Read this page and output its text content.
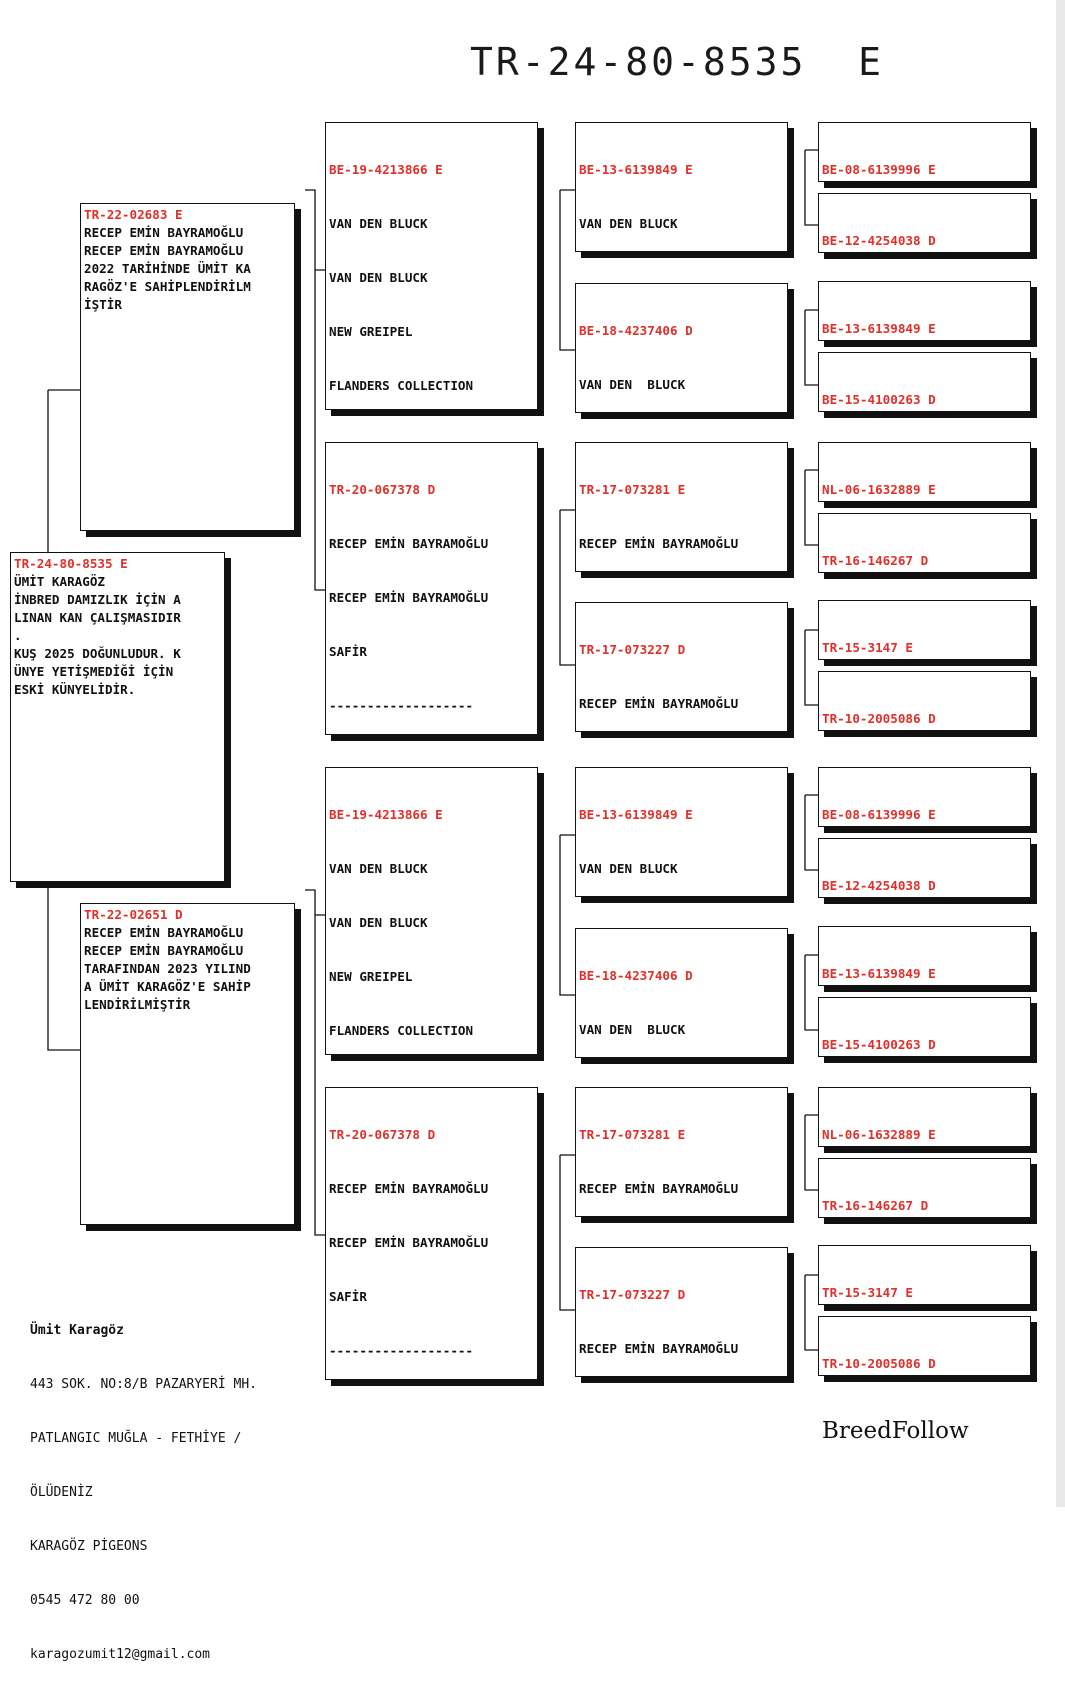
TR-24-80-8535  E
TR-24-80-8535 E
ÜMİT KARAGÖZ
İNBRED DAMIZLIK İÇİN A
LINAN KAN ÇALIŞMASIDIR
.
KUŞ 2025 DOĞUNLUDUR. K
ÜNYE YETİŞMEDİĞİ İÇİN
ESKİ KÜNYELİDİR.
TR-22-02683 E
RECEP EMİN BAYRAMOĞLU
RECEP EMİN BAYRAMOĞLU
2022 TARİHİNDE ÜMİT KA
RAGÖZ'E SAHİPLENDİRİLM
İŞTİR
TR-22-02651 D
RECEP EMİN BAYRAMOĞLU
RECEP EMİN BAYRAMOĞLU
TARAFINDAN 2023 YILIND
A ÜMİT KARAGÖZ'E SAHİP
LENDİRİLMİŞTİR

BE-19-4213866 E

VAN DEN BLUCK

VAN DEN BLUCK

NEW GREIPEL

FLANDERS COLLECTION

TR-20-067378 D

RECEP EMİN BAYRAMOĞLU

RECEP EMİN BAYRAMOĞLU

SAFİR

-------------------

BE-19-4213866 E

VAN DEN BLUCK

VAN DEN BLUCK

NEW GREIPEL

FLANDERS COLLECTION

TR-20-067378 D

RECEP EMİN BAYRAMOĞLU

RECEP EMİN BAYRAMOĞLU

SAFİR

-------------------

BE-13-6139849 E

VAN DEN BLUCK

BE-18-4237406 D

VAN DEN  BLUCK

TR-17-073281 E

RECEP EMİN BAYRAMOĞLU

TR-17-073227 D

RECEP EMİN BAYRAMOĞLU

BE-13-6139849 E

VAN DEN BLUCK

BE-18-4237406 D

VAN DEN  BLUCK

TR-17-073281 E

RECEP EMİN BAYRAMOĞLU

TR-17-073227 D

RECEP EMİN BAYRAMOĞLU

BE-08-6139996 E

BE-12-4254038 D

BE-13-6139849 E

BE-15-4100263 D

NL-06-1632889 E

TR-16-146267 D

TR-15-3147 E

TR-10-2005086 D

BE-08-6139996 E

BE-12-4254038 D

BE-13-6139849 E

BE-15-4100263 D

NL-06-1632889 E

TR-16-146267 D

TR-15-3147 E

TR-10-2005086 D

Ümit Karagöz

443 SOK. NO:8/B PAZARYERİ MH.

PATLANGIC MUĞLA - FETHİYE /

ÖLÜDENİZ

KARAGÖZ PİGEONS

0545 472 80 00

karagozumit12@gmail.com

BreedFollow
